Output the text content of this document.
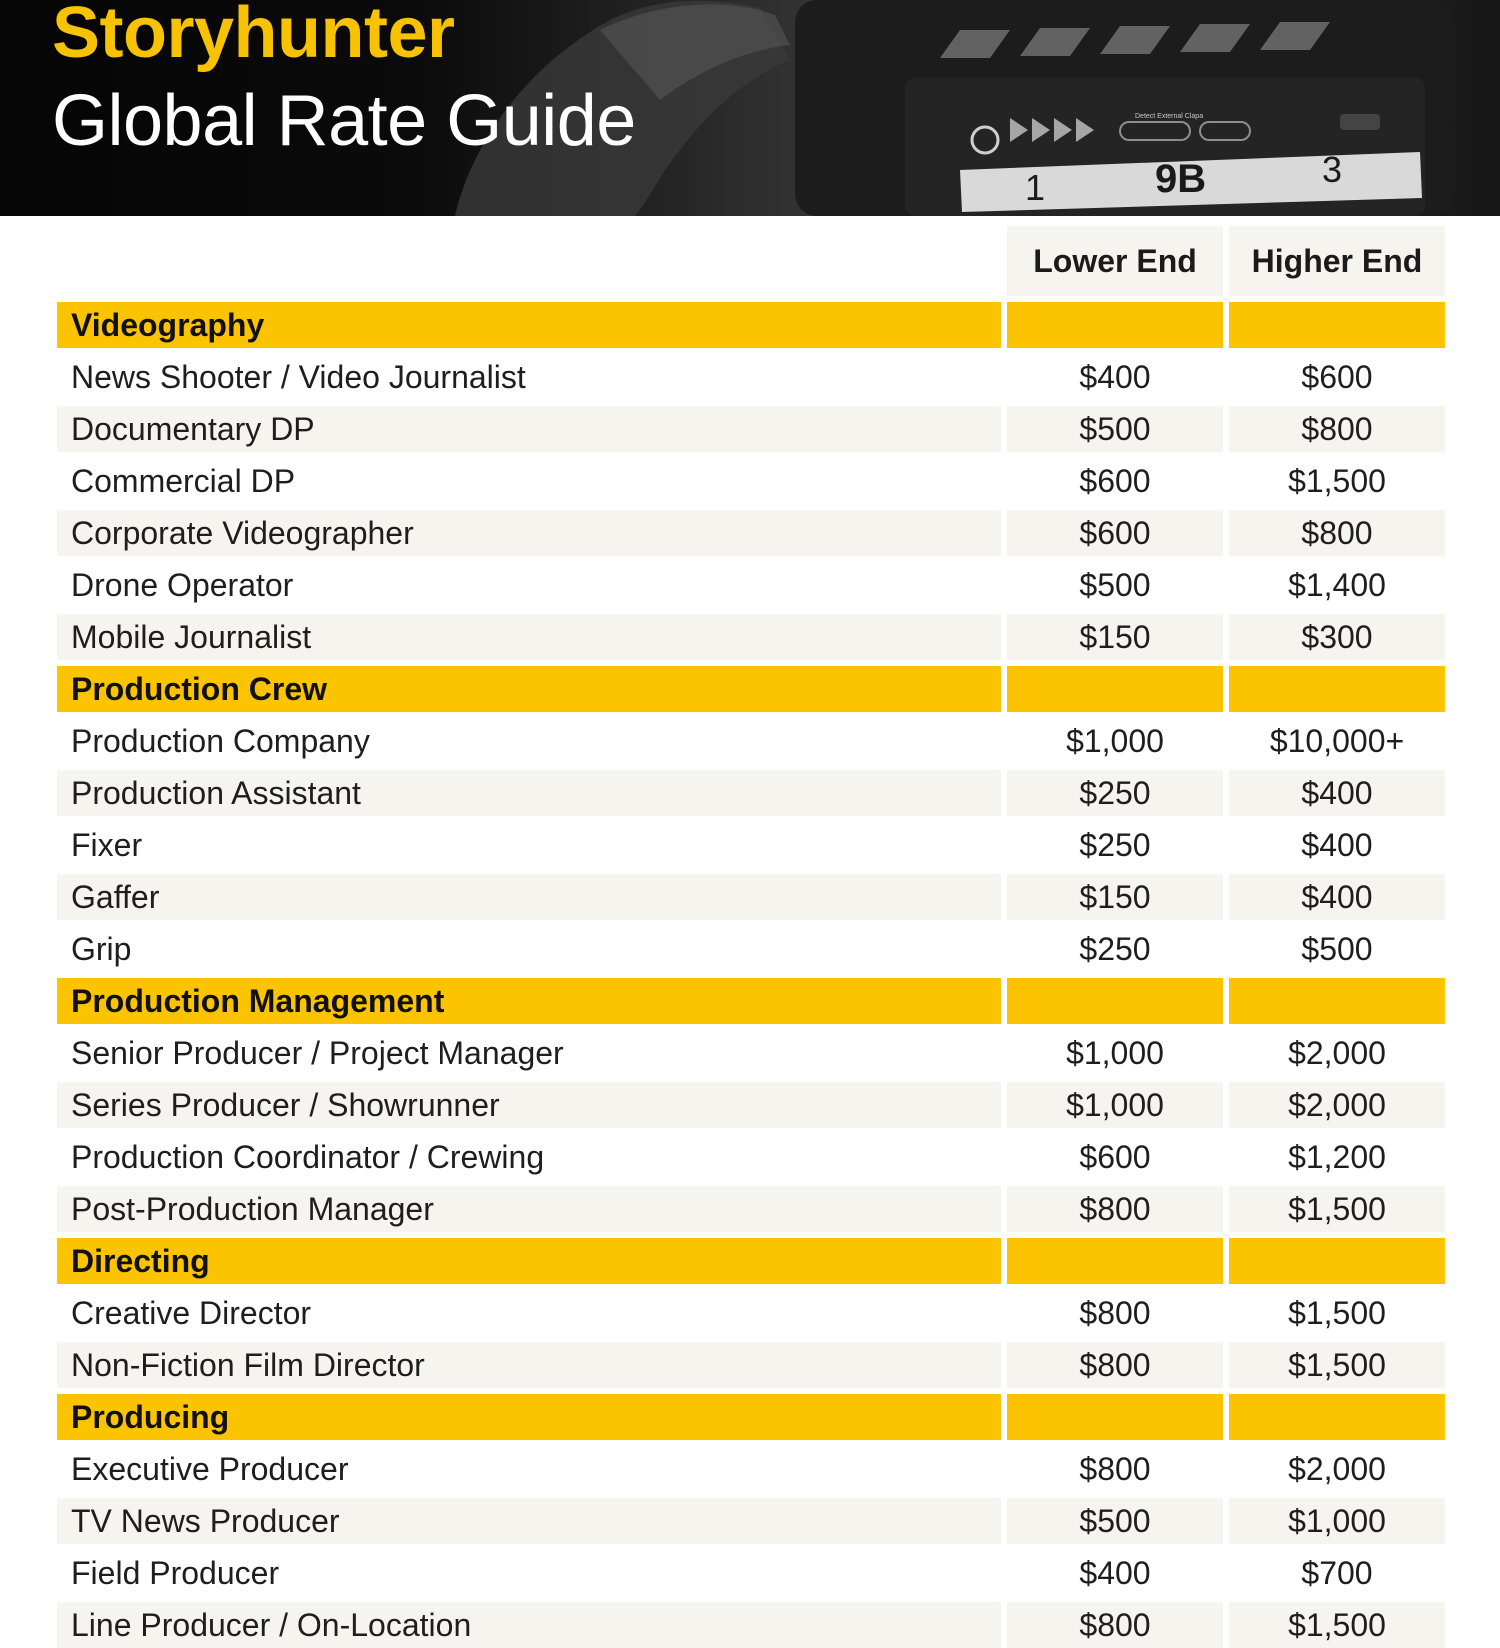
Detect External Clapa
1	9B	3
Storyhunter
Global Rate Guide
Lower End	Higher End
Videography
News Shooter / Video Journalist	$400	$600
Documentary DP	$500	$800
Commercial DP	$600	$1,500
Corporate Videographer	$600	$800
Drone Operator	$500	$1,400
Mobile Journalist	$150	$300
Production Crew
Production Company	$1,000	$10,000+
Production Assistant	$250	$400
Fixer	$250	$400
Gaffer	$150	$400
Grip	$250	$500
Production Management
Senior Producer / Project Manager	$1,000	$2,000
Series Producer / Showrunner	$1,000	$2,000
Production Coordinator / Crewing	$600	$1,200
Post-Production Manager	$800	$1,500
Directing
Creative Director	$800	$1,500
Non-Fiction Film Director	$800	$1,500
Producing
Executive Producer	$800	$2,000
TV News Producer	$500	$1,000
Field Producer	$400	$700
Line Producer / On-Location	$800	$1,500
